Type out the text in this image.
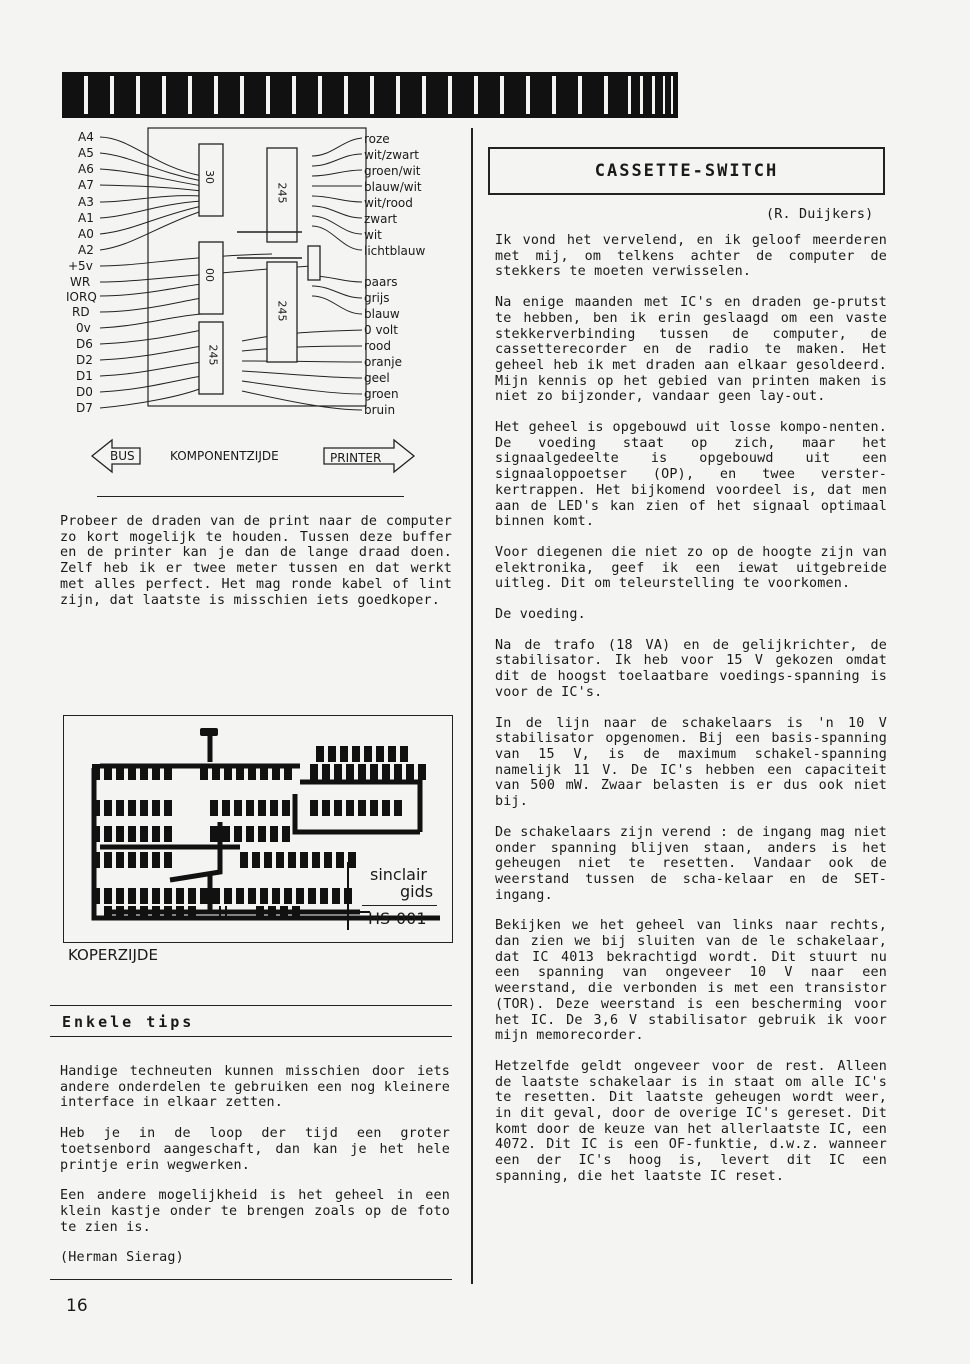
A4
A5
A6
A7
A3
A1
A0
A2
+5v
WR
IORQ
RD
0v
D6
D2
D1
D0
D7
roze
wit/zwart
groen/wit
blauw/wit
wit/rood
zwart
wit
lichtblauw
paars
grijs
blauw
0 volt
rood
oranje
geel
groen
bruin
30
245
00
245
245
BUS	KOMPONENTZIJDE	PRINTER
Probeer de draden van de print naar de computer zo kort mogelijk te houden. Tussen deze buffer en de printer kan je dan de lange draad doen. Zelf heb ik er twee meter tussen en dat werkt met alles perfect. Het mag ronde kabel of lint zijn, dat laatste is misschien iets goedkoper.
sinclair
gids
HS-001
KOPERZIJDE
Enkele tips

Handige techneuten kunnen misschien door iets andere onderdelen te gebruiken een nog kleinere interface in elkaar zetten.

Heb je in de loop der tijd een groter toetsenbord aangeschaft, dan kan je het hele printje erin wegwerken.

Een andere mogelijkheid is het geheel in een klein kastje onder te brengen zoals op de foto te zien is.

(Herman Sierag)

16
CASSETTE-SWITCH
(R. Duijkers)

Ik vond het vervelend, en ik geloof meerderen met mij, om telkens achter de computer de stekkers te moeten verwisselen.

Na enige maanden met IC's en draden ge-prutst te hebben, ben ik erin geslaagd om een vaste stekkerverbinding tussen de computer, de cassetterecorder en de radio te maken. Het geheel heb ik met draden aan elkaar gesoldeerd. Mijn kennis op het gebied van printen maken is niet zo bijzonder, vandaar geen lay-out.

Het geheel is opgebouwd uit losse kompo-nenten. De voeding staat op zich, maar het signaalgedeelte is opgebouwd uit een signaaloppoetser (OP), en twee verster-kertrappen. Het bijkomend voordeel is, dat men aan de LED's kan zien of het signaal optimaal binnen komt.

Voor diegenen die niet zo op de hoogte zijn van elektronika, geef ik een iewat uitgebreide uitleg. Dit om teleurstelling te voorkomen.

De voeding.

Na de trafo (18 VA) en de gelijkrichter, de stabilisator. Ik heb voor 15 V gekozen omdat dit de hoogst toelaatbare voedings-spanning is voor de IC's.

In de lijn naar de schakelaars is 'n 10 V stabilisator opgenomen. Bij een basis-spanning van 15 V, is de maximum schakel-spanning namelijk 11 V. De IC's hebben een capaciteit van 500 mW. Zwaar belasten is er dus ook niet bij.

De schakelaars zijn verend : de ingang mag niet onder spanning blijven staan, anders is het geheugen niet te resetten. Vandaar ook de weerstand tussen de scha-kelaar en de SET-ingang.

Bekijken we het geheel van links naar rechts, dan zien we bij sluiten van de le schakelaar, dat IC 4013 bekrachtigd wordt. Dit stuurt nu een spanning van ongeveer 10 V naar een weerstand, die verbonden is met een transistor (TOR). Deze weerstand is een bescherming voor het IC. De 3,6 V stabilisator gebruik ik voor mijn memorecorder.

Hetzelfde geldt ongeveer voor de rest. Alleen de laatste schakelaar is in staat om alle IC's te resetten. Dit laatste geheugen wordt weer, in dit geval, door de overige IC's gereset. Dit komt door de keuze van het allerlaatste IC, een 4072. Dit IC is een OF-funktie, d.w.z. wanneer een der IC's hoog is, levert dit IC een spanning, die het laatste IC reset.
